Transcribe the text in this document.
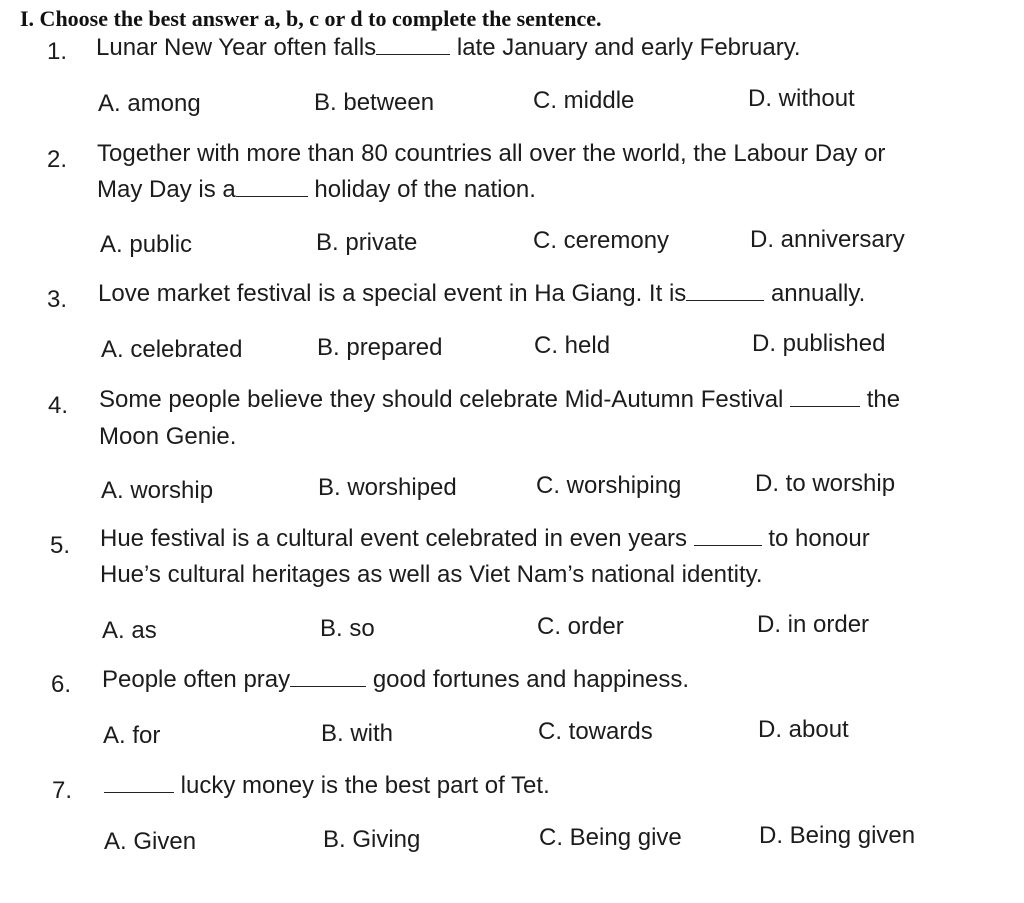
I. Choose the best answer a, b, c or d to complete the sentence.
1. Lunar New Year often falls	late January and early February.
A. among	B. between	C. middle	D. without
2. Together with more than 80 countries all over the world, the Labour Day or
May Day is a	holiday of the nation.
A. public	B. private	C. ceremony	D. anniversary
3. Love market festival is a special event in Ha Giang. It is	annually.
A. celebrated	B. prepared	C. held	D. published
4. Some people believe they should celebrate Mid-Autumn Festival	the
Moon Genie.
A. worship	B. worshiped	C. worshiping	D. to worship
5. Hue festival is a cultural event celebrated in even years	to honour
Hue’s cultural heritages as well as Viet Nam’s national identity.
A. as	B. so	C. order	D. in order
6. People often pray	good fortunes and happiness.
A. for	B. with	C. towards	D. about
7.	lucky money is the best part of Tet.
A. Given	B. Giving	C. Being give	D. Being given
